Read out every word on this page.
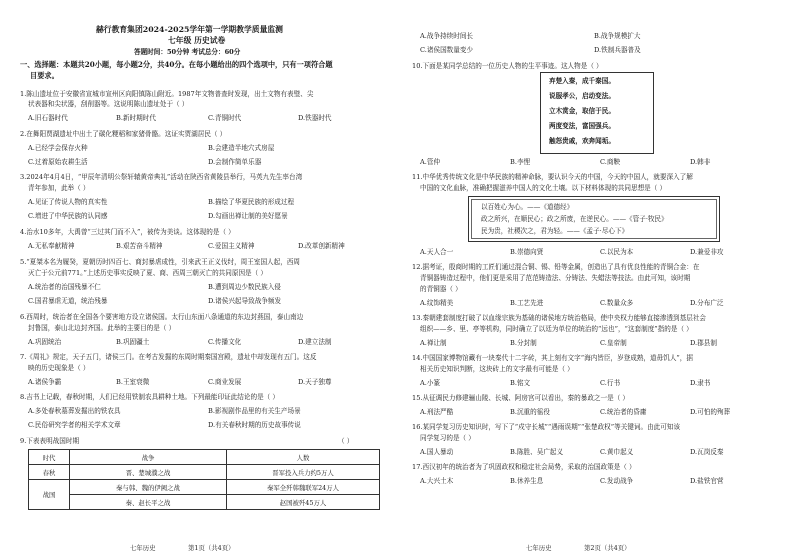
赫行教育集团2024-2025学年第一学期教学质量监测
七年级 历史试卷
答题时间：50分钟 考试总分：60分
一、选择题：本题共20小题，每小题2分，共40分。在每小题给出的四个选项中，只有一项符合题
目要求。
1.陈山遗址位于安徽省宣城市宣州区向阳镇陈山附近。1987年文物普查时发现，出土文物有表璧、尖
状表器和尖状器，刮削器等。这说明陈山遗址处于（ ）
A.旧石器时代	B.新时期时代	C.青铜时代	D.铁器时代
2.在舞阳贾湖遗址中出土了碳化粳稻和家猪骨骼。这证实贾湖居民（ ）
A.已经学会保存火种	B.会建造半地穴式房屋
C.过着原始农耕生活	D.会制作简单乐器
3.2024年4月4日，“甲辰年清明公祭轩辕黄帝典礼”活动在陕西省黄陵县举行，马英九先生率台湾
青年参加，此举（ ）
A.见证了传说人物的真实性	B.描绘了华夏民族的形成过程
C.增进了中华民族的认同感	D.勾画出禅让制的美好愿景
4.治水10多年，大禹曾“三过其门而不入”，被传为美谈。这体现的是（ ）
A.无私奉献精神	B.艰苦奋斗精神	C.爱国主义精神	D.改革创新精神
5.“夏桀本名为履癸，夏朝历时四百七、商封暴虐成性，引来武王正义伐纣，周王室国人起，西周
灭亡于公元前771。”上述历史事实反映了夏、商、西周三朝灭亡的共同原因是（ ）
A.统治者的治国残暴不仁	B.遭到周边少数民族入侵
C.国君暴虐无道，统治残暴	D.诸侯兴起导致战争频发
6.西周时，统治者在全国各个要害地方设立诸侯国。太行山东面八条通道的东边封燕国，泰山南边
封鲁国，泰山北边封齐国。此举的主要目的是（ ）
A.巩固统治	B.巩固疆土	C.传播文化	D.建立法制
7.《周礼》规定，天子五门，诸侯三门。在考古发掘的东周时期秦国宫殿，遗址中却发现有五门。这反
映的历史现象是（ ）
A.诸侯争霸	B.王室衰微	C.商业发展	D.天子独尊
8.吉书上记载，春秋时期，人们已经用铁制农具耕种土地。下列最能印证此结论的是（ ）
A.多处春秋墓葬发掘出的铁农具	B.影视剧作品里的有关生产场景
C.民俗研究学者的相关学术文章	D.有关春秋时期的历史故事传说
9.下表表明战国时期	（ ）
时代	战争	人数
春秋	晋、楚城濮之战	晋军投入兵力约5万人
战国	秦与韩、魏的伊阙之战	秦军全歼韩魏联军24万人
	秦、赵长平之战	赵国被歼45万人
七年历史	第1页（共4页）
A.战争持续时间长	B.战争规模扩大
C.诸侯国数量变少	D.铁制兵器普及
10.下面是某同学总结的一位历史人物的生平事迹。这人物是（ ）
弃楚入秦，成千秦国。
说服孝公，启动变法。
立木赏金，取信于民。
两度变法，富国强兵。
触怒贵戚，欢奔闻垢。
A.管仲	B.李悝	C.商鞅	D.韩非
11.中华优秀传统文化是中华民族的精神命脉，要认识今天的中国，今天的中国人，就要深入了解
中国的文化血脉，准确把握滋养中国人的文化土壤。以下材料体现的共同思想是（ ）
以百姓心为心。——《道德经》
政之所兴，在顺民心；政之所废，在逆民心。——《管子·牧民》
民为贵，社稷次之，君为轻。——《孟子·尽心下》
A.天人合一	B.崇德向贤	C.以民为本	D.兼爱非攻
12.据考证，殷商时期的工匠们通过混合铜、锡、铅等金属，创造出了具有优良性能的青铜合金：在
青铜器铸造过程中，他们更是采用了范范铸造法、分铸法、失蜡法等技法。由此可知，该时期
的青铜器（ ）
A.纹饰精美	B.工艺先进	C.数量众多	D.分布广泛
13.秦朝建套制度打破了以血缘宗族为基础的诸侯地方统治格局，使中央权力能够直接渗透到基层社会
组织——乡、里、亭等机构，同时确立了以廷为单位的统治的“远也”，“这套制度”指的是（ ）
A.禅让制	B.分封制	C.皇帝制	D.郡县制
14.中国国家博物馆藏有一块秦代十二字砖，其上刻有文字“海内皆臣，岁登成熟，道毋饥人”，据
相关历史知识判断，这块砖上的文字最有可能是（ ）
A.小篆	B.铭文	C.行书	D.隶书
15.从征调民力修建骊山陵、长城、阿房宫可以看出，秦的暴政之一是（ ）
A.刑法严酷	B.沉重的徭役	C.统治者的昏庸	D.可怕的殉葬
16.某同学复习历史知识时，写下了“戍守长城”“遇雨误期”“张楚政权”等关键词。由此可知该
同学复习的是（ ）
A.国人暴动	B.陈胜、吴广起义	C.黄巾起义	D.瓦岗反秦
17.西汉初年的统治者为了巩固政权和稳定社会局势，采取的治国政策是（ ）
A.大兴土木	B.休养生息	C.发动战争	D.盐铁官营
七年历史	第2页（共4页）
